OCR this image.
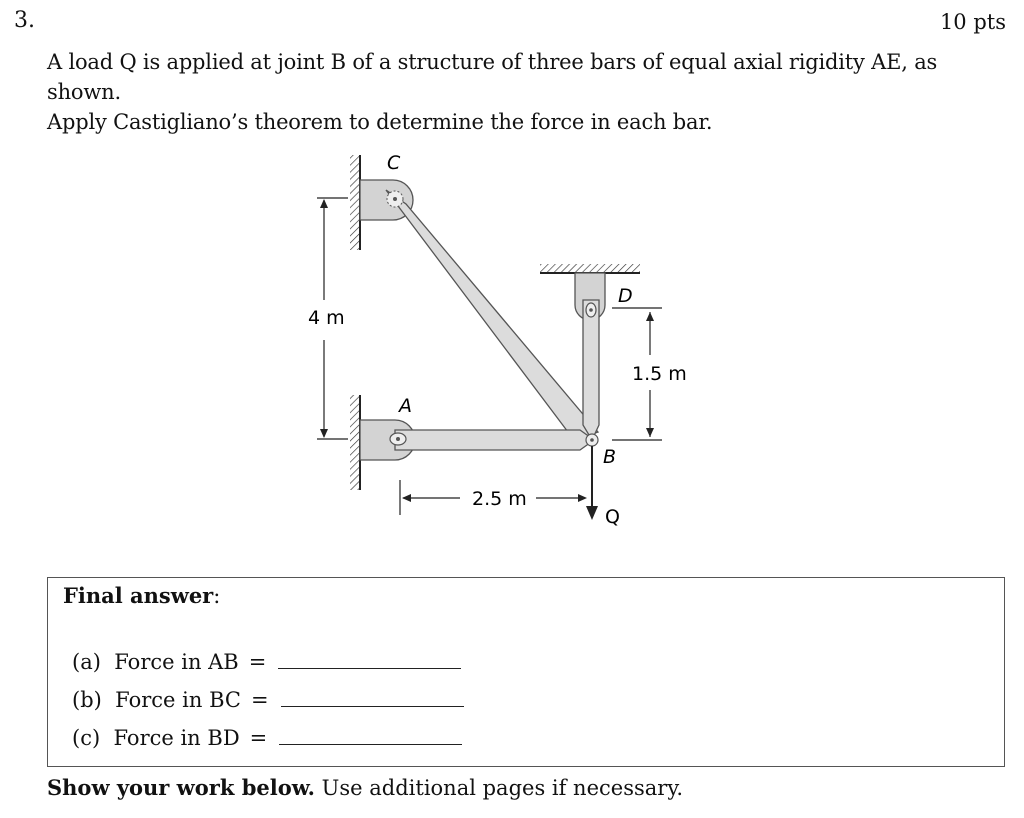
3.	10 pts
A load Q is applied at joint B of a structure of three bars of equal axial rigidity AE, as shown.
Apply Castigliano’s theorem to determine the force in each bar.
C
D
A
B
Q
4 m
1.5 m
2.5 m
Final answer:
(a)  Force in AB =
(b)  Force in BC =
(c)  Force in BD =
Show your work below. Use additional pages if necessary.
